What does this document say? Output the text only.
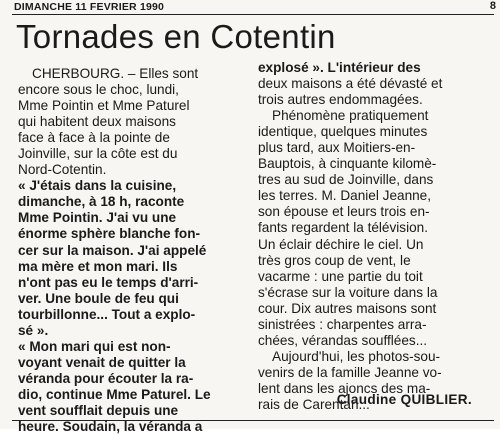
DIMANCHE 11 FEVRIER 1990	8
Tornades en Cotentin

CHERBOURG. – Elles sont
encore sous le choc, lundi,
Mme Pointin et Mme Paturel
qui habitent deux maisons
face à face à la pointe de
Joinville, sur la côte est du
Nord-Cotentin.

« J'étais dans la cuisine,
dimanche, à 18 h, raconte
Mme Pointin. J'ai vu une
énorme sphère blanche fon-
cer sur la maison. J'ai appelé
ma mère et mon mari. Ils
n'ont pas eu le temps d'arri-
ver. Une boule de feu qui
tourbillonne... Tout a explo-
sé ».

« Mon mari qui est non-
voyant venait de quitter la
véranda pour écouter la ra-
dio, continue Mme Paturel. Le
vent soufflait depuis une
heure. Soudain, la véranda a

explosé ». L'intérieur des
deux maisons a été dévasté et
trois autres endommagées.

Phénomène pratiquement
identique, quelques minutes
plus tard, aux Moitiers-en-
Bauptois, à cinquante kilomè-
tres au sud de Joinville, dans
les terres. M. Daniel Jeanne,
son épouse et leurs trois en-
fants regardent la télévision.
Un éclair déchire le ciel. Un
très gros coup de vent, le
vacarme : une partie du toit
s'écrase sur la voiture dans la
cour. Dix autres maisons sont
sinistrées : charpentes arra-
chées, vérandas soufflées...

Aujourd'hui, les photos-sou-
venirs de la famille Jeanne vo-
lent dans les ajoncs des ma-
rais de Carentan...

Claudine QUIBLIER.
